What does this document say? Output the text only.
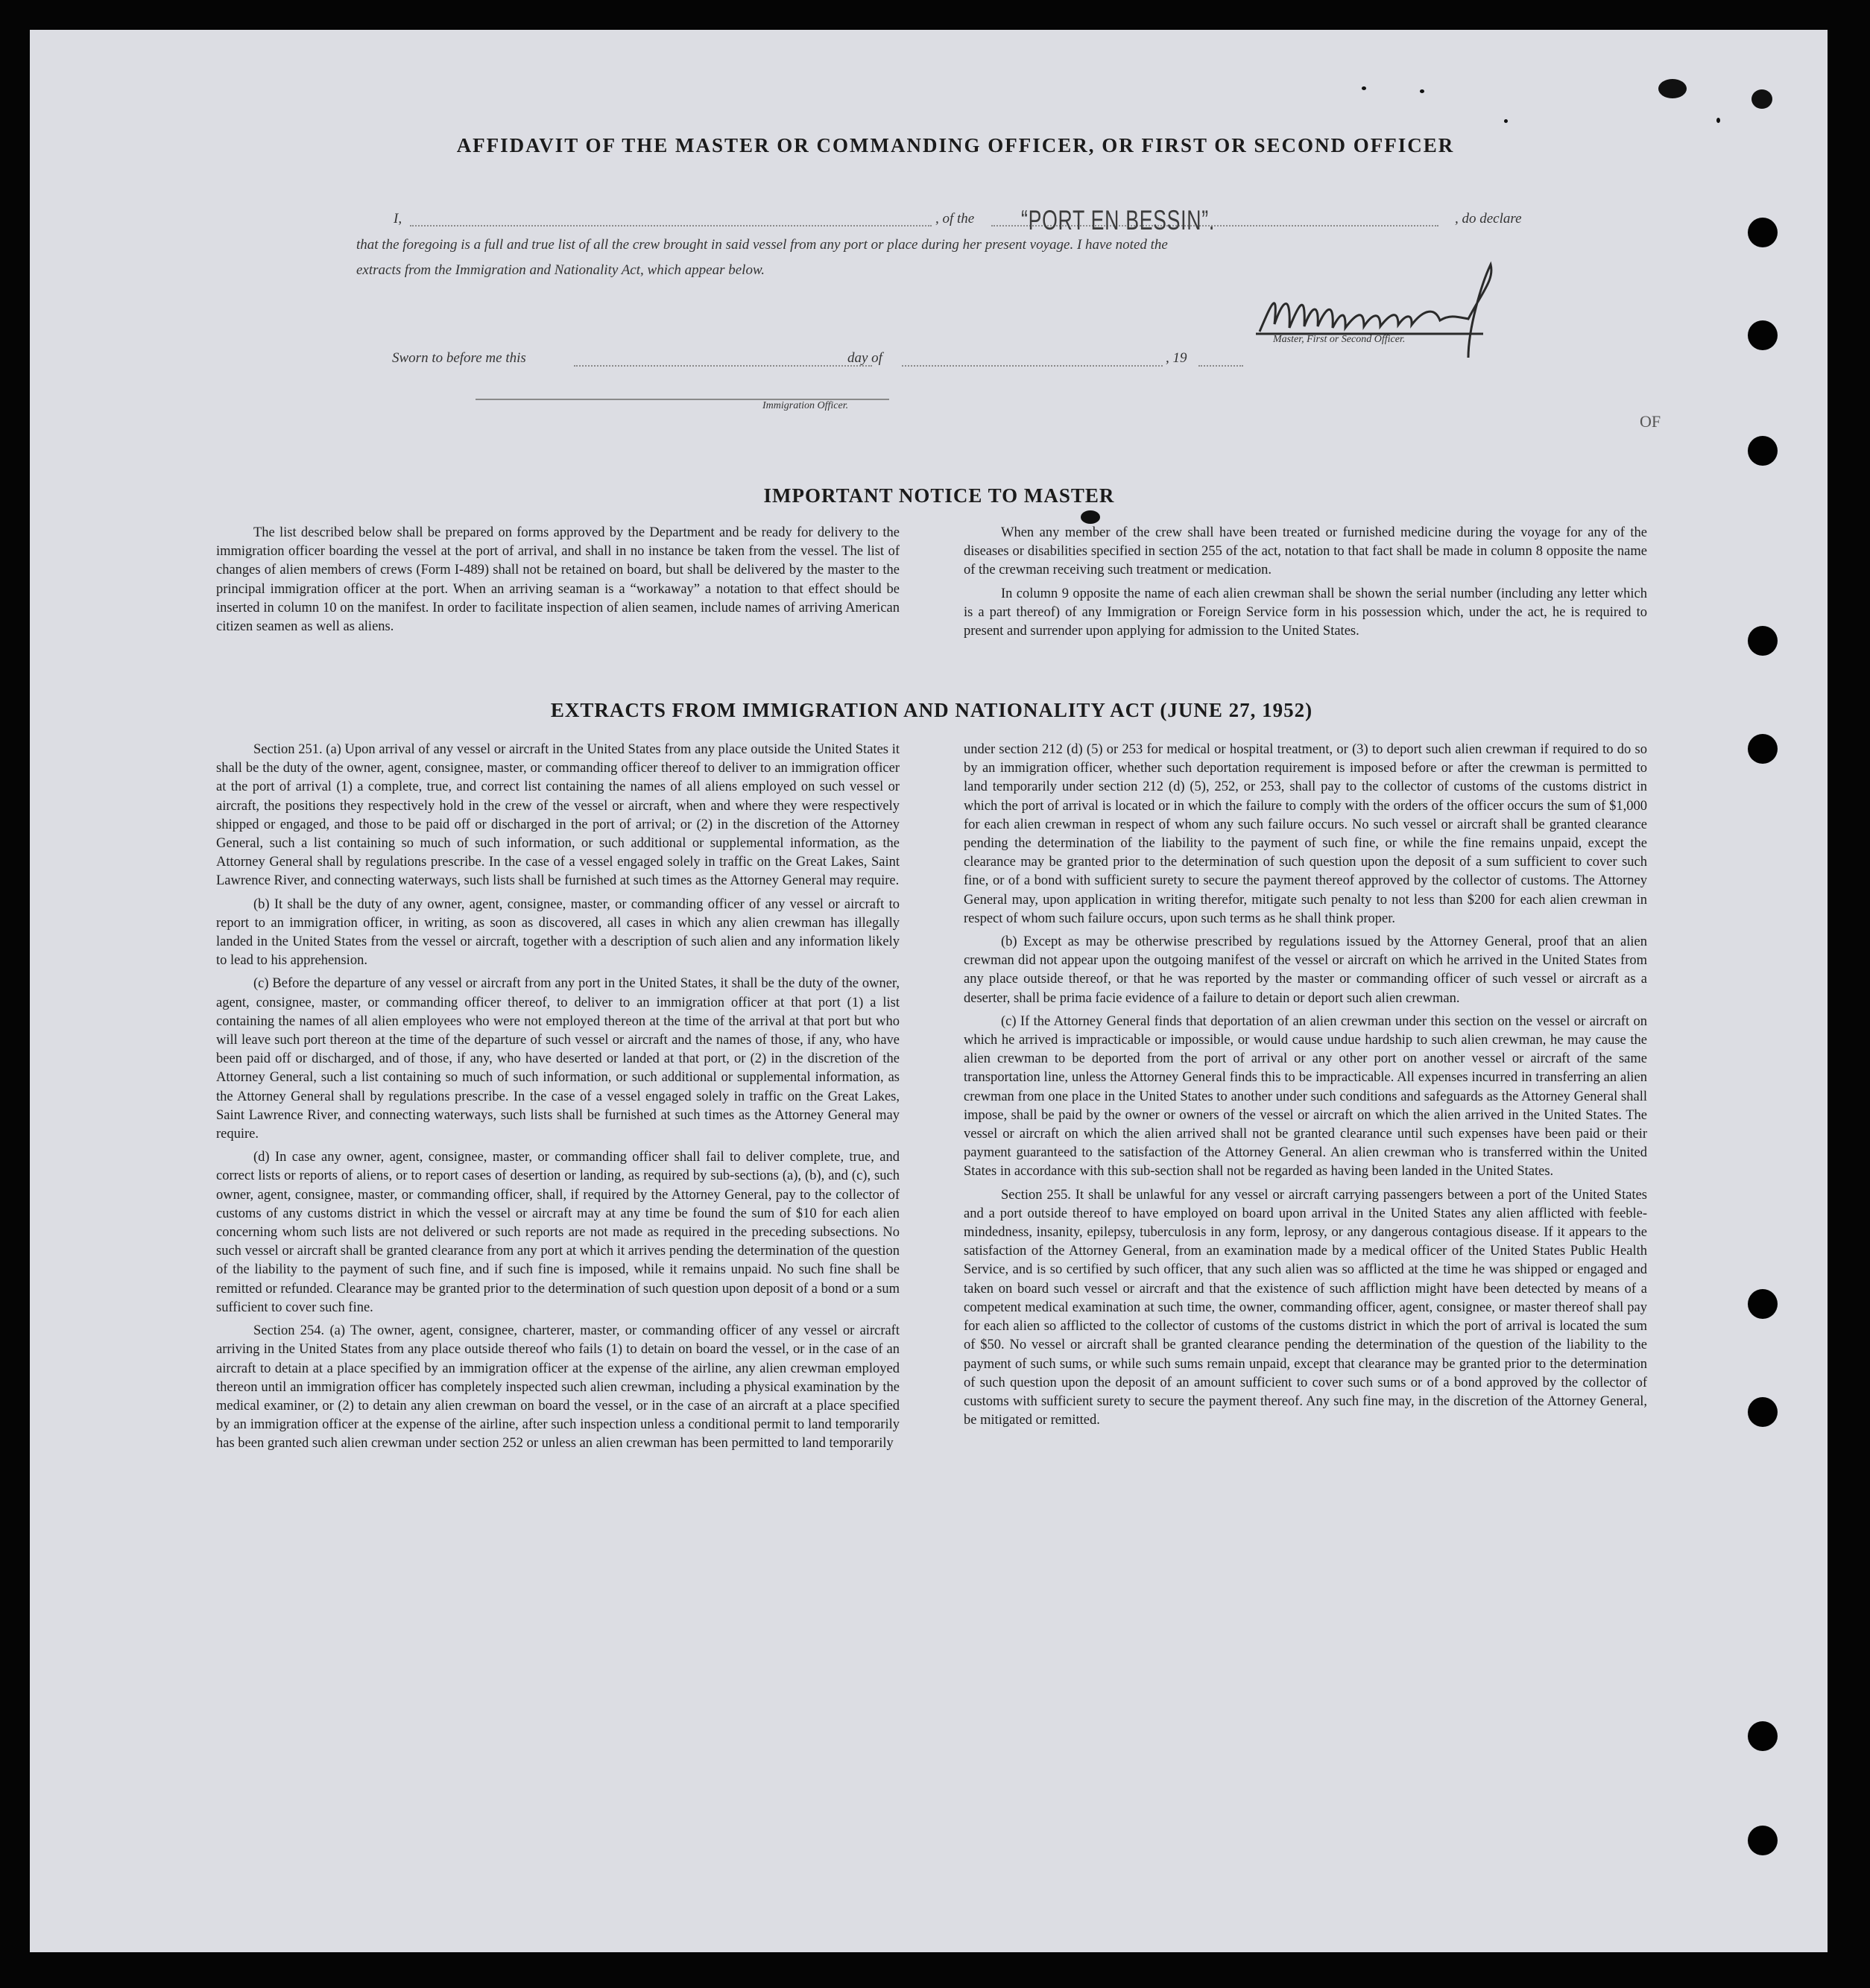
AFFIDAVIT OF THE MASTER OR COMMANDING OFFICER, OR FIRST OR SECOND OFFICER
I,	, of the “PORT EN BESSIN”.	, do declare
that the foregoing is a full and true list of all the crew brought in said vessel from any port or place during her present voyage. I have noted the
extracts from the Immigration and Nationality Act, which appear below.
Master, First or Second Officer.
Sworn to before me this	day of	, 19
Immigration Officer.
OF
IMPORTANT NOTICE TO MASTER

The list described below shall be prepared on forms approved by the Department and be ready for delivery to the immigration officer boarding the vessel at the port of arrival, and shall in no instance be taken from the vessel. The list of changes of alien members of crews (Form I-489) shall not be retained on board, but shall be delivered by the master to the principal immigration officer at the port. When an arriving seaman is a “workaway” a notation to that effect should be inserted in column 10 on the manifest. In order to facilitate inspection of alien seamen, include names of arriving American citizen seamen as well as aliens.

When any member of the crew shall have been treated or furnished medicine during the voyage for any of the diseases or disabilities specified in section 255 of the act, notation to that fact shall be made in column 8 opposite the name of the crewman receiving such treatment or medication.

In column 9 opposite the name of each alien crewman shall be shown the serial number (including any letter which is a part thereof) of any Immigration or Foreign Service form in his possession which, under the act, he is required to present and surrender upon applying for admission to the United States.

EXTRACTS FROM IMMIGRATION AND NATIONALITY ACT (JUNE 27, 1952)

Section 251. (a) Upon arrival of any vessel or aircraft in the United States from any place outside the United States it shall be the duty of the owner, agent, consignee, master, or commanding officer thereof to deliver to an immigration officer at the port of arrival (1) a complete, true, and correct list containing the names of all aliens employed on such vessel or aircraft, the positions they respectively hold in the crew of the vessel or aircraft, when and where they were respectively shipped or engaged, and those to be paid off or discharged in the port of arrival; or (2) in the discretion of the Attorney General, such a list containing so much of such information, or such additional or supplemental information, as the Attorney General shall by regulations prescribe. In the case of a vessel engaged solely in traffic on the Great Lakes, Saint Lawrence River, and connecting waterways, such lists shall be furnished at such times as the Attorney General may require.

(b) It shall be the duty of any owner, agent, consignee, master, or commanding officer of any vessel or aircraft to report to an immigration officer, in writing, as soon as discovered, all cases in which any alien crewman has illegally landed in the United States from the vessel or aircraft, together with a description of such alien and any information likely to lead to his apprehension.

(c) Before the departure of any vessel or aircraft from any port in the United States, it shall be the duty of the owner, agent, consignee, master, or commanding officer thereof, to deliver to an immigration officer at that port (1) a list containing the names of all alien employees who were not employed thereon at the time of the arrival at that port but who will leave such port thereon at the time of the departure of such vessel or aircraft and the names of those, if any, who have been paid off or discharged, and of those, if any, who have deserted or landed at that port, or (2) in the discretion of the Attorney General, such a list containing so much of such information, or such additional or supplemental information, as the Attorney General shall by regulations prescribe. In the case of a vessel engaged solely in traffic on the Great Lakes, Saint Lawrence River, and connecting waterways, such lists shall be furnished at such times as the Attorney General may require.

(d) In case any owner, agent, consignee, master, or commanding officer shall fail to deliver complete, true, and correct lists or reports of aliens, or to report cases of desertion or landing, as required by sub-sections (a), (b), and (c), such owner, agent, consignee, master, or commanding officer, shall, if required by the Attorney General, pay to the collector of customs of any customs district in which the vessel or aircraft may at any time be found the sum of $10 for each alien concerning whom such lists are not delivered or such reports are not made as required in the preceding subsections. No such vessel or aircraft shall be granted clearance from any port at which it arrives pending the determination of the question of the liability to the payment of such fine, and if such fine is imposed, while it remains unpaid. No such fine shall be remitted or refunded. Clearance may be granted prior to the determination of such question upon deposit of a bond or a sum sufficient to cover such fine.

Section 254. (a) The owner, agent, consignee, charterer, master, or commanding officer of any vessel or aircraft arriving in the United States from any place outside thereof who fails (1) to detain on board the vessel, or in the case of an aircraft to detain at a place specified by an immigration officer at the expense of the airline, any alien crewman employed thereon until an immigration officer has completely inspected such alien crewman, including a physical examination by the medical examiner, or (2) to detain any alien crewman on board the vessel, or in the case of an aircraft at a place specified by an immigration officer at the expense of the airline, after such inspection unless a conditional permit to land temporarily has been granted such alien crewman under section 252 or unless an alien crewman has been permitted to land temporarily

under section 212 (d) (5) or 253 for medical or hospital treatment, or (3) to deport such alien crewman if required to do so by an immigration officer, whether such deportation requirement is imposed before or after the crewman is permitted to land temporarily under section 212 (d) (5), 252, or 253, shall pay to the collector of customs of the customs district in which the port of arrival is located or in which the failure to comply with the orders of the officer occurs the sum of $1,000 for each alien crewman in respect of whom any such failure occurs. No such vessel or aircraft shall be granted clearance pending the determination of the liability to the payment of such fine, or while the fine remains unpaid, except the clearance may be granted prior to the determination of such question upon the deposit of a sum sufficient to cover such fine, or of a bond with sufficient surety to secure the payment thereof approved by the collector of customs. The Attorney General may, upon application in writing therefor, mitigate such penalty to not less than $200 for each alien crewman in respect of whom such failure occurs, upon such terms as he shall think proper.

(b) Except as may be otherwise prescribed by regulations issued by the Attorney General, proof that an alien crewman did not appear upon the outgoing manifest of the vessel or aircraft on which he arrived in the United States from any place outside thereof, or that he was reported by the master or commanding officer of such vessel or aircraft as a deserter, shall be prima facie evidence of a failure to detain or deport such alien crewman.

(c) If the Attorney General finds that deportation of an alien crewman under this section on the vessel or aircraft on which he arrived is impracticable or impossible, or would cause undue hardship to such alien crewman, he may cause the alien crewman to be deported from the port of arrival or any other port on another vessel or aircraft of the same transportation line, unless the Attorney General finds this to be impracticable. All expenses incurred in transferring an alien crewman from one place in the United States to another under such conditions and safeguards as the Attorney General shall impose, shall be paid by the owner or owners of the vessel or aircraft on which the alien arrived in the United States. The vessel or aircraft on which the alien arrived shall not be granted clearance until such expenses have been paid or their payment guaranteed to the satisfaction of the Attorney General. An alien crewman who is transferred within the United States in accordance with this sub-section shall not be regarded as having been landed in the United States.

Section 255. It shall be unlawful for any vessel or aircraft carrying passengers between a port of the United States and a port outside thereof to have employed on board upon arrival in the United States any alien afflicted with feeble-mindedness, insanity, epilepsy, tuberculosis in any form, leprosy, or any dangerous contagious disease. If it appears to the satisfaction of the Attorney General, from an examination made by a medical officer of the United States Public Health Service, and is so certified by such officer, that any such alien was so afflicted at the time he was shipped or engaged and taken on board such vessel or aircraft and that the existence of such affliction might have been detected by means of a competent medical examination at such time, the owner, commanding officer, agent, consignee, or master thereof shall pay for each alien so afflicted to the collector of customs of the customs district in which the port of arrival is located the sum of $50. No vessel or aircraft shall be granted clearance pending the determination of the question of the liability to the payment of such sums, or while such sums remain unpaid, except that clearance may be granted prior to the determination of such question upon the deposit of an amount sufficient to cover such sums or of a bond approved by the collector of customs with sufficient surety to secure the payment thereof. Any such fine may, in the discretion of the Attorney General, be mitigated or remitted.
